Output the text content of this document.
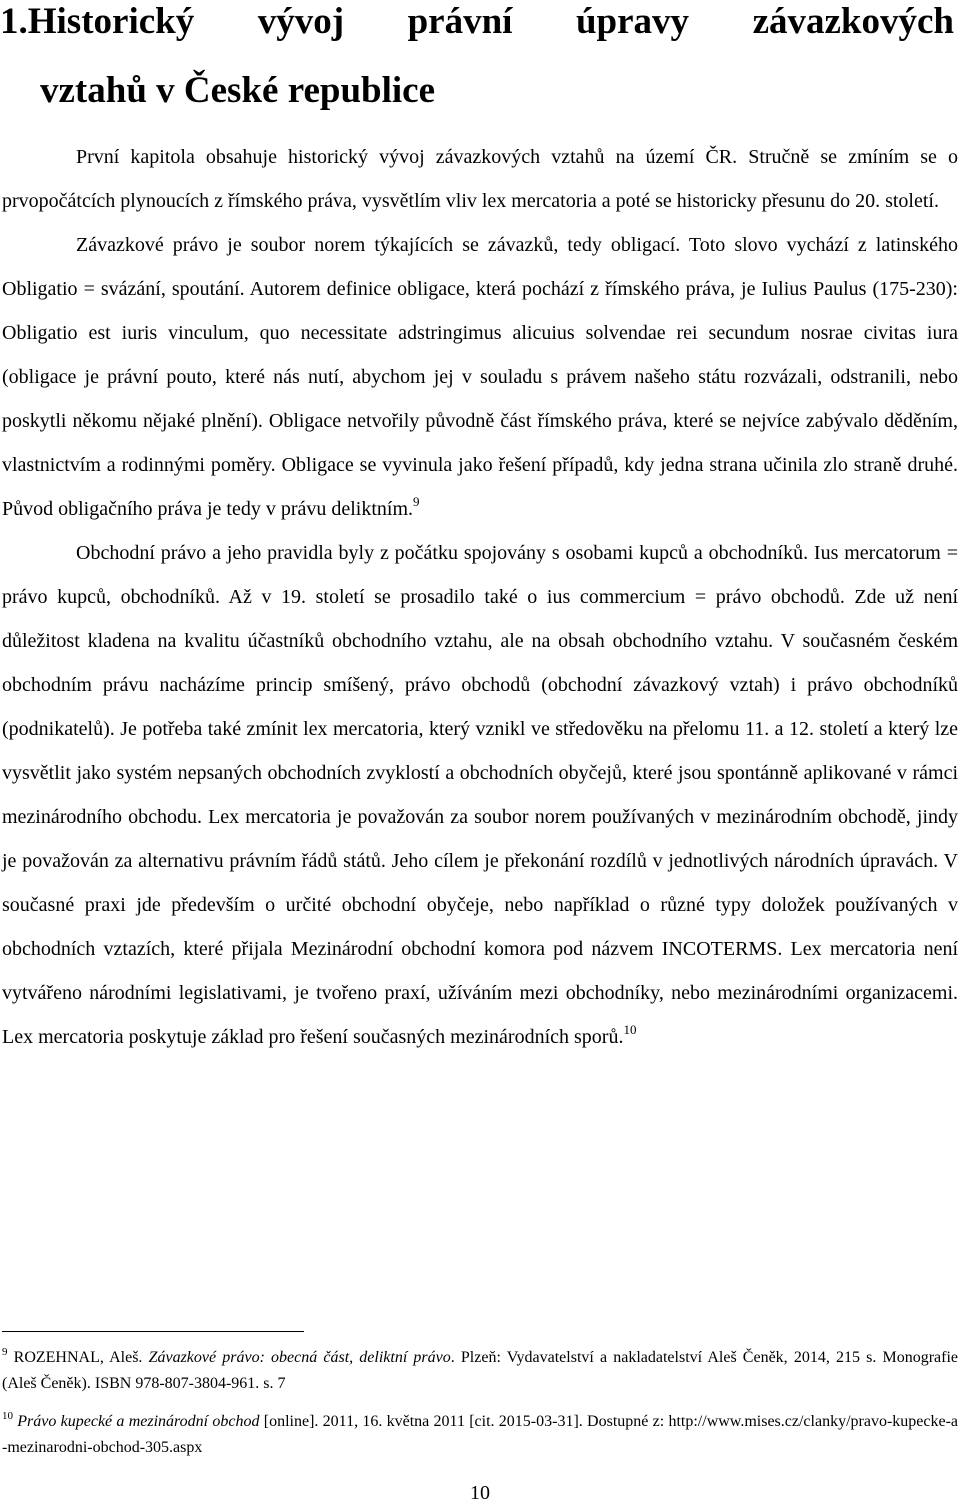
1.Historický vývoj právní úpravy závazkových
vztahů v České republice

První kapitola obsahuje historický vývoj závazkových vztahů na území ČR. Stručně se zmíním se o prvopočátcích plynoucích z římského práva, vysvětlím vliv lex mercatoria a poté se historicky přesunu do 20. století.

Závazkové právo je soubor norem týkajících se závazků, tedy obligací. Toto slovo vychází z latinského Obligatio = svázání, spoutání. Autorem definice obligace, která pochází z římského práva, je Iulius Paulus (175-230): Obligatio est iuris vinculum, quo necessitate adstringimus alicuius solvendae rei secundum nosrae civitas iura (obligace je právní pouto, které nás nutí, abychom jej v souladu s právem našeho státu rozvázali, odstranili, nebo poskytli někomu nějaké plnění). Obligace netvořily původně část římského práva, které se nejvíce zabývalo děděním, vlastnictvím a rodinnými poměry. Obligace se vyvinula jako řešení případů, kdy jedna strana učinila zlo straně druhé. Původ obligačního práva je tedy v právu deliktním.$^9$

Obchodní právo a jeho pravidla byly z počátku spojovány s osobami kupců a obchodníků. Ius mercatorum = právo kupců, obchodníků. Až v 19. století se prosadilo také o ius commercium = právo obchodů. Zde už není důležitost kladena na kvalitu účastníků obchodního vztahu, ale na obsah obchodního vztahu. V současném českém obchodním právu nacházíme princip smíšený, právo obchodů (obchodní závazkový vztah) i právo obchodníků (podnikatelů). Je potřeba také zmínit lex mercatoria, který vznikl ve středověku na přelomu 11. a 12. století a který lze vysvětlit jako systém nepsaných obchodních zvyklostí a obchodních obyčejů, které jsou spontánně aplikované v rámci mezinárodního obchodu. Lex mercatoria je považován za soubor norem používaných v mezinárodním obchodě, jindy je považován za alternativu právním řádů států. Jeho cílem je překonání rozdílů v jednotlivých národních úpravách. V současné praxi jde především o určité obchodní obyčeje, nebo například o různé typy doložek používaných v obchodních vztazích, které přijala Mezinárodní obchodní komora pod názvem INCOTERMS. Lex mercatoria není vytvářeno národními legislativami, je tvořeno praxí, užíváním mezi obchodníky, nebo mezinárodními organizacemi. Lex mercatoria poskytuje základ pro řešení současných mezinárodních sporů.$^{10}$

$^9$ ROZEHNAL, Aleš. Závazkové právo: obecná část, deliktní právo. Plzeň: Vydavatelství a nakladatelství Aleš Čeněk, 2014, 215 s. Monografie (Aleš Čeněk). ISBN 978-807-3804-961. s. 7

$^{10}$ Právo kupecké a mezinárodní obchod [online]. 2011, 16. května 2011 [cit. 2015-03-31]. Dostupné z: http://www.mises.cz/clanky/pravo-kupecke-a-mezinarodni-obchod-305.aspx

10
